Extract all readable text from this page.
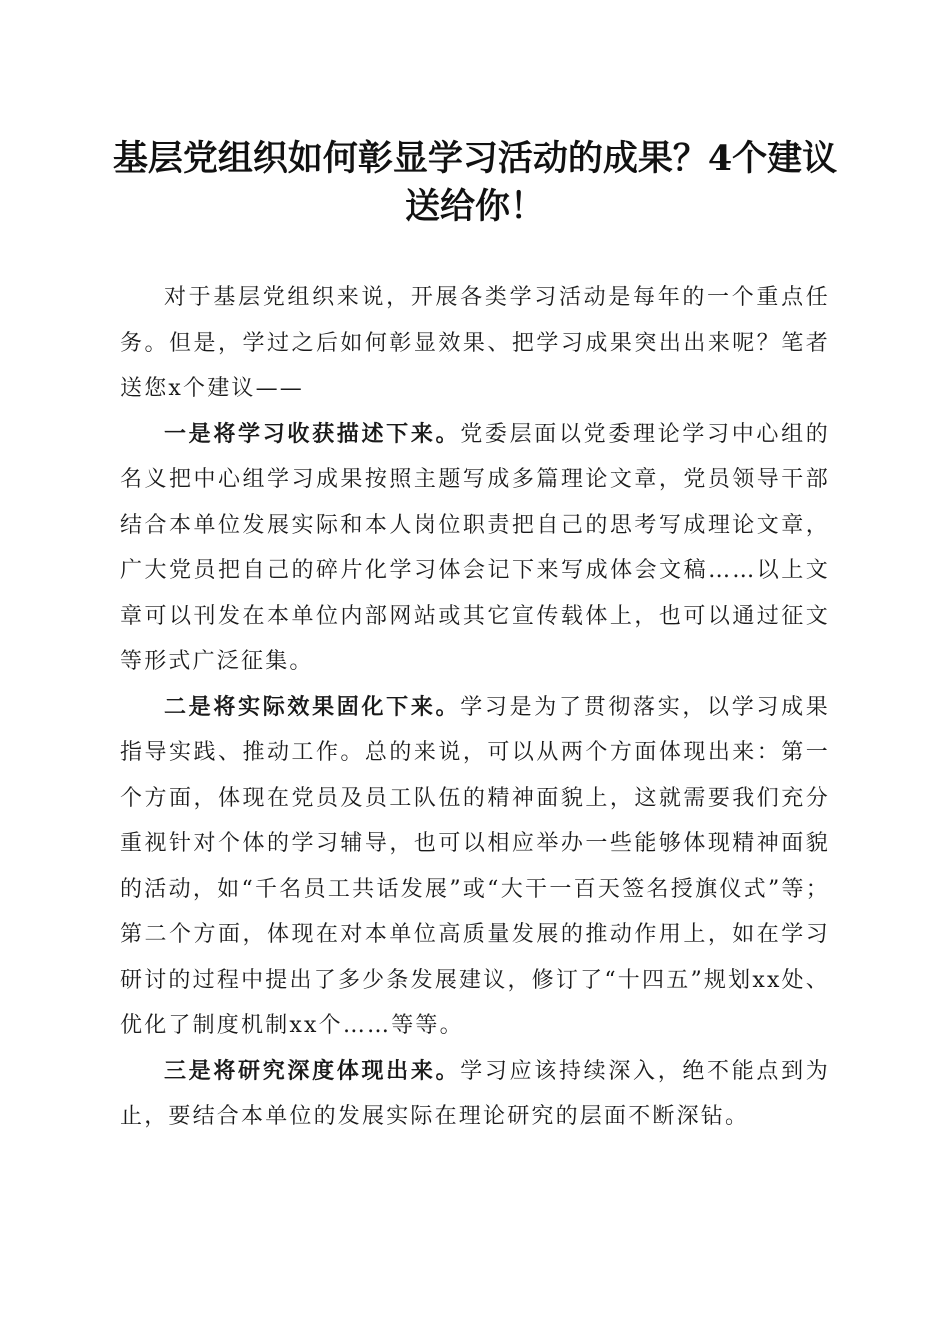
基层党组织如何彰显学习活动的成果？4个建议送给你！

对于基层党组织来说，开展各类学习活动是每年的一个重点任务。但是，学过之后如何彰显效果、把学习成果突出出来呢？笔者送您x个建议——

一是将学习收获描述下来。党委层面以党委理论学习中心组的名义把中心组学习成果按照主题写成多篇理论文章，党员领导干部结合本单位发展实际和本人岗位职责把自己的思考写成理论文章，广大党员把自己的碎片化学习体会记下来写成体会文稿……以上文章可以刊发在本单位内部网站或其它宣传载体上，也可以通过征文等形式广泛征集。

二是将实际效果固化下来。学习是为了贯彻落实，以学习成果指导实践、推动工作。总的来说，可以从两个方面体现出来：第一个方面，体现在党员及员工队伍的精神面貌上，这就需要我们充分重视针对个体的学习辅导，也可以相应举办一些能够体现精神面貌的活动，如“千名员工共话发展”或“大干一百天签名授旗仪式”等；第二个方面，体现在对本单位高质量发展的推动作用上，如在学习研讨的过程中提出了多少条发展建议，修订了“十四五”规划xx处、优化了制度机制xx个……等等。

三是将研究深度体现出来。学习应该持续深入，绝不能点到为止，要结合本单位的发展实际在理论研究的层面不断深钻。
